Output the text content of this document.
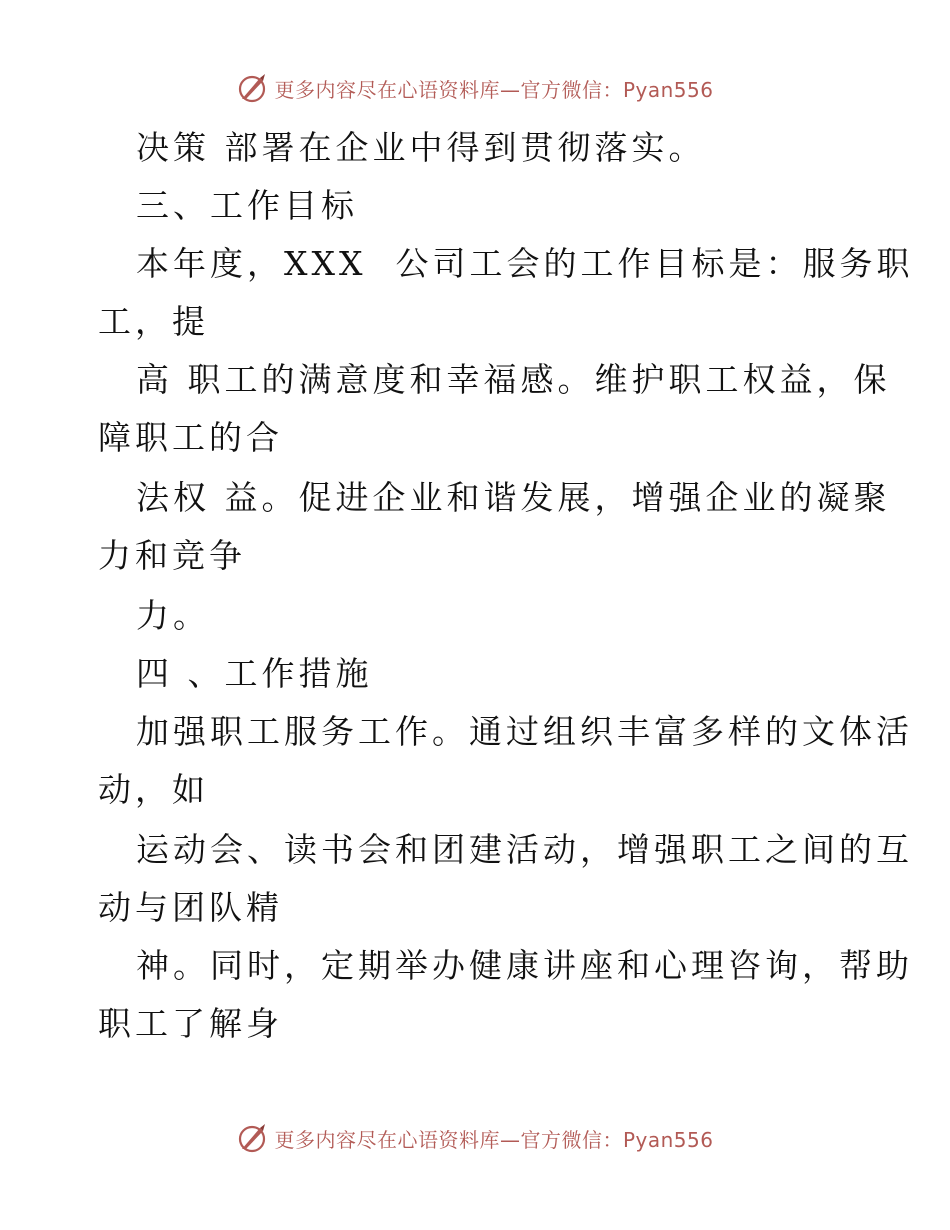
更多内容尽在心语资料库—官方微信：Pyan556
决策 部署在企业中得到贯彻落实。
三、工作目标
本年度，XXX  公司工会的工作目标是：服务职
工，提
高 职工的满意度和幸福感。维护职工权益，保
障职工的合
法权 益。促进企业和谐发展，增强企业的凝聚
力和竞争
力。
四 、工作措施
加强职工服务工作。通过组织丰富多样的文体活
动，如
运动会、读书会和团建活动，增强职工之间的互
动与团队精
神。同时，定期举办健康讲座和心理咨询，帮助
职工了解身
更多内容尽在心语资料库—官方微信：Pyan556
